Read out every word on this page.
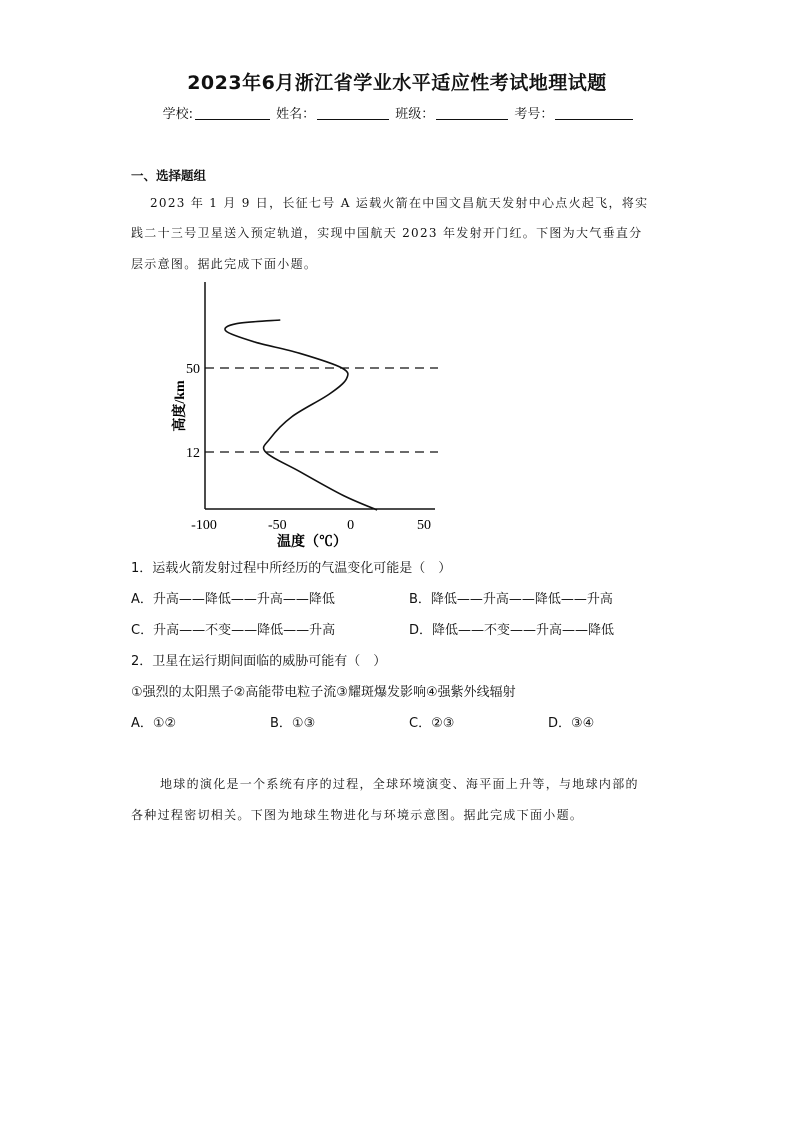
2023年6月浙江省学业水平适应性考试地理试题
学校:	姓名：	班级：	考号：
一、选择题组
2023 年 1 月 9 日，长征七号 A 运载火箭在中国文昌航天发射中心点火起飞，将实
践二十三号卫星送入预定轨道，实现中国航天 2023 年发射开门红。下图为大气垂直分
层示意图。据此完成下面小题。
12
50
-100	-50	0	50
温度（℃）
高度/km
1．运载火箭发射过程中所经历的气温变化可能是（　）
A．升高——降低——升高——降低	B．降低——升高——降低——升高
C．升高——不变——降低——升高	D．降低——不变——升高——降低
2．卫星在运行期间面临的威胁可能有（　）
①强烈的太阳黑子②高能带电粒子流③耀斑爆发影响④强紫外线辐射
A．①②	B．①③	C．②③	D．③④
地球的演化是一个系统有序的过程，全球环境演变、海平面上升等，与地球内部的
各种过程密切相关。下图为地球生物进化与环境示意图。据此完成下面小题。
